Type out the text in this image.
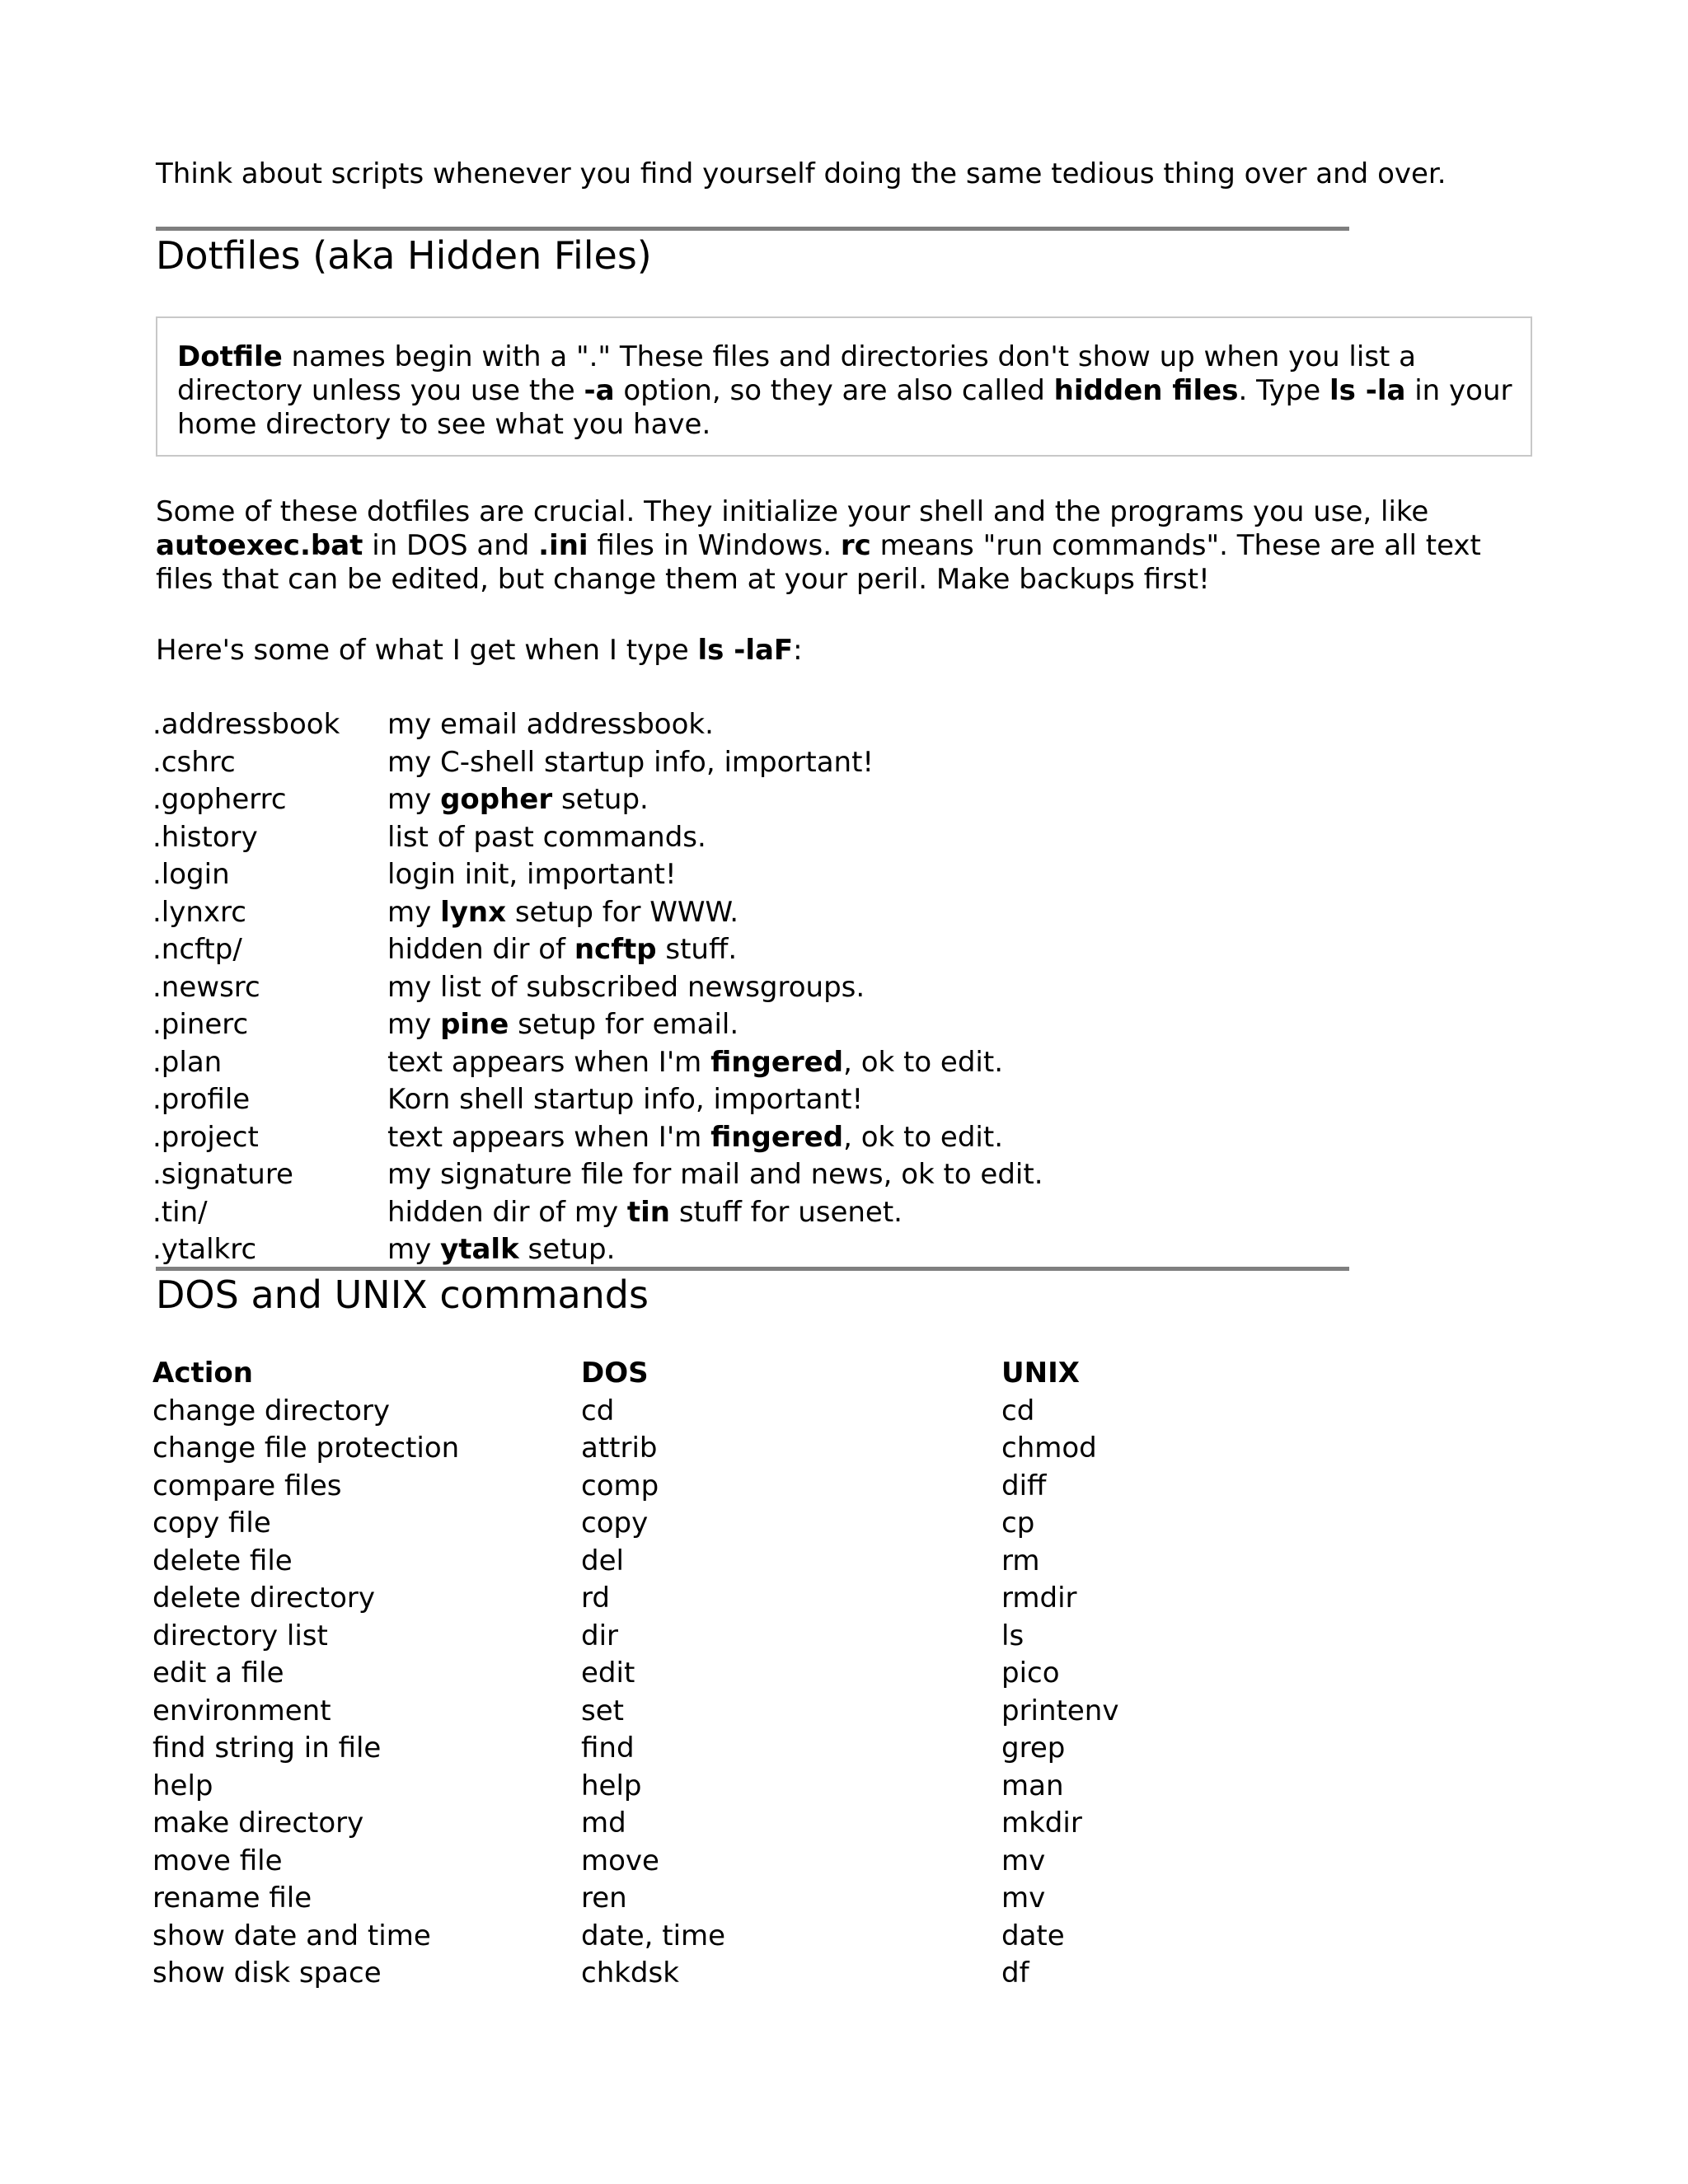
Think about scripts whenever you find yourself doing the same tedious thing over and over.

Dotfiles (aka Hidden Files)
Dotfile names begin with a "." These files and directories don't show up when you list a
directory unless you use the -a option, so they are also called hidden files. Type ls -la in your
home directory to see what you have.
Some of these dotfiles are crucial. They initialize your shell and the programs you use, like
autoexec.bat in DOS and .ini files in Windows. rc means "run commands". These are all text
files that can be edited, but change them at your peril. Make backups first!
Here's some of what I get when I type ls -laF:
.addressbook my email addressbook.
.cshrc	my C-shell startup info, important!
.gopherrc	my gopher setup.
.history	list of past commands.
.login	login init, important!
.lynxrc	my lynx setup for WWW.
.ncftp/	hidden dir of ncftp stuff.
.newsrc	my list of subscribed newsgroups.
.pinerc	my pine setup for email.
.plan	text appears when I'm fingered, ok to edit.
.profile	Korn shell startup info, important!
.project	text appears when I'm fingered, ok to edit.
.signature	my signature file for mail and news, ok to edit.
.tin/	hidden dir of my tin stuff for usenet.
.ytalkrc	my ytalk setup.
DOS and UNIX commands
Action	DOS	UNIX
change directory	cd	cd
change file protection	attrib	chmod
compare files	comp	diff
copy file	copy	cp
delete file	del	rm
delete directory	rd	rmdir
directory list	dir	ls
edit a file	edit	pico
environment	set	printenv
find string in file	find	grep
help	help	man
make directory	md	mkdir
move file	move	mv
rename file	ren	mv
show date and time	date, time	date
show disk space	chkdsk	df
